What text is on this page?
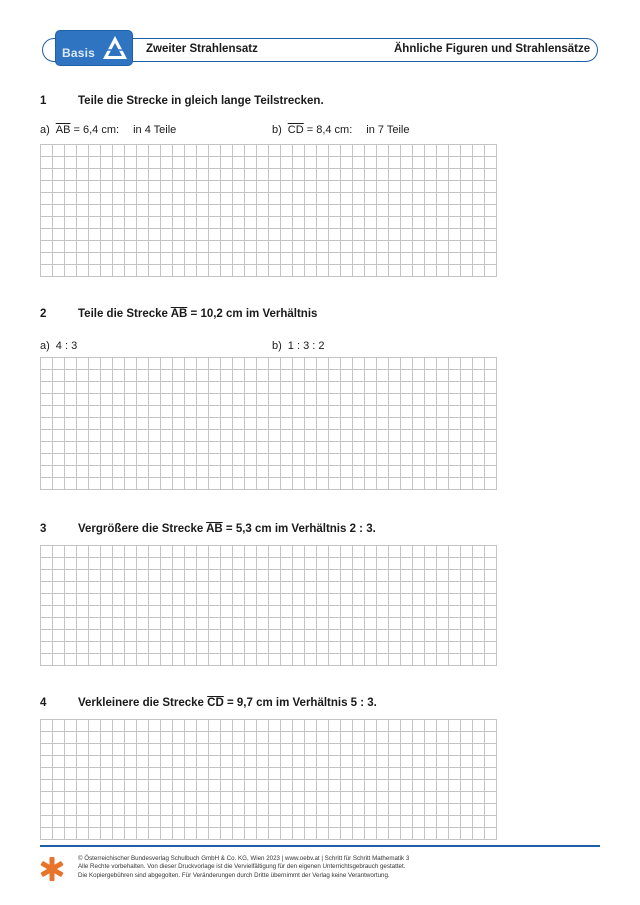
Basis	Zweiter Strahlensatz	Ähnliche Figuren und Strahlensätze
1	Teile die Strecke in gleich lange Teilstrecken.
a) $\overline{AB} = 6,4$ cm: in 4 Teile	b) $\overline{CD} = 8,4$ cm: in 7 Teile
2	Teile die Strecke $\overline{AB} = 10,2$ cm im Verhältnis
a) 4 : 3	b) 1 : 3 : 2
3	Vergrößere die Strecke $\overline{AB} = 5,3$ cm im Verhältnis 2 : 3.
4	Verkleinere die Strecke $\overline{CD} = 9,7$ cm im Verhältnis 5 : 3.
© Österreichischer Bundesverlag Schulbuch GmbH & Co. KG, Wien 2023 | www.oebv.at | Schritt für Schritt Mathematik 3
Alle Rechte vorbehalten. Von dieser Druckvorlage ist die Vervielfältigung für den eigenen Unterrichtsgebrauch gestattet.
Die Kopiergebühren sind abgegolten. Für Veränderungen durch Dritte übernimmt der Verlag keine Verantwortung.
